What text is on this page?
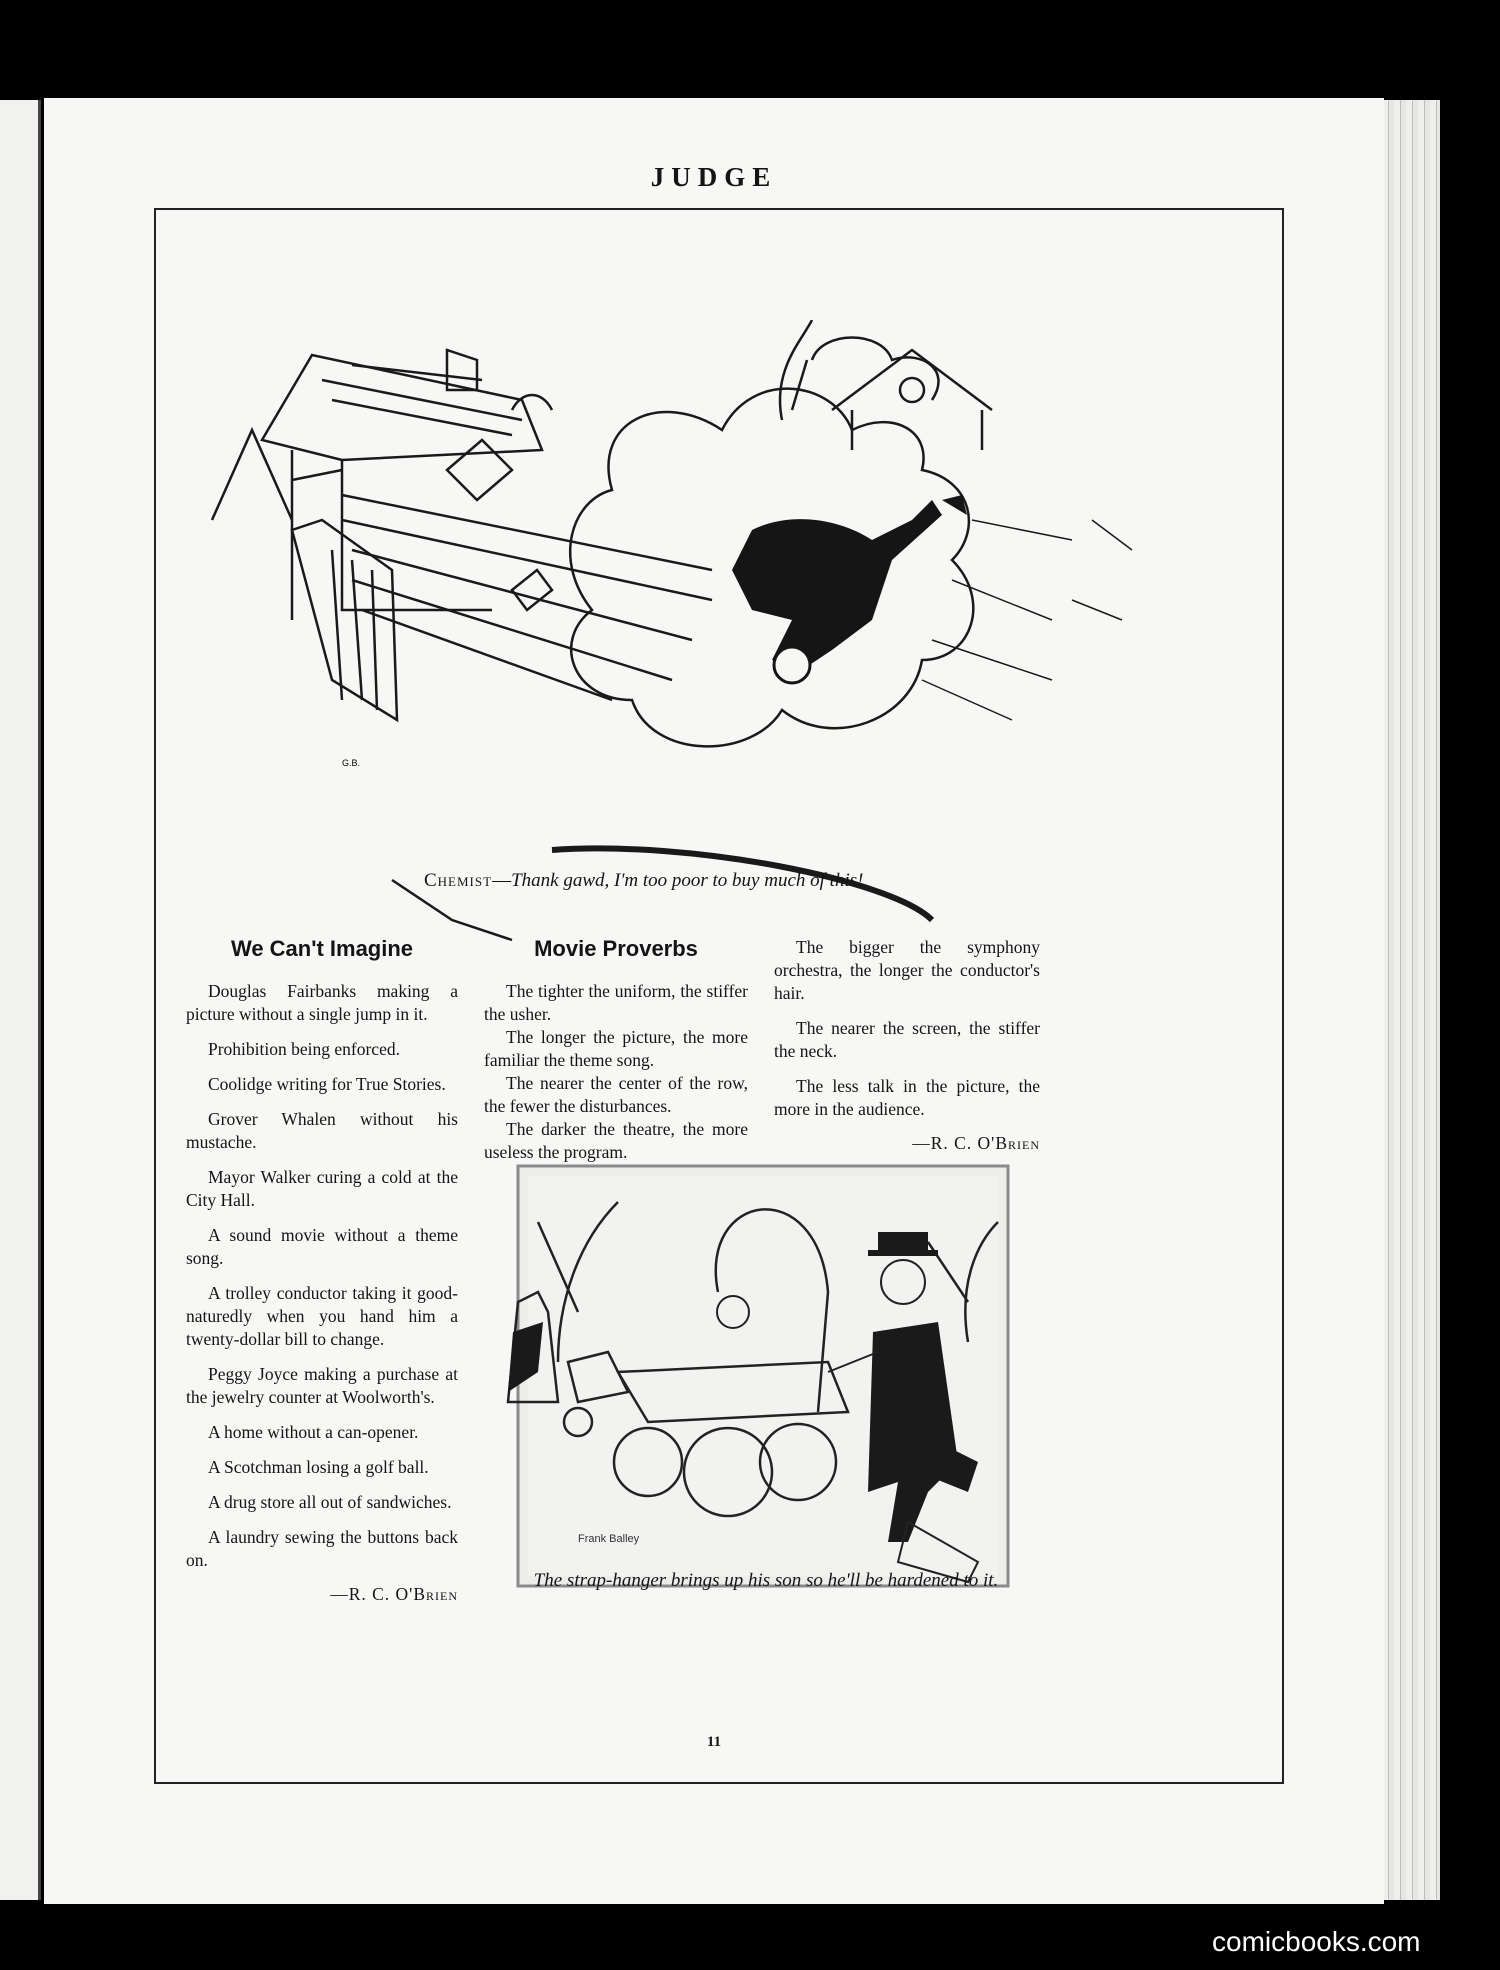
JUDGE
G.B.
Chemist—Thank gawd, I'm too poor to buy much of this!
We Can't Imagine

Douglas Fairbanks making a picture without a single jump in it.

Prohibition being enforced.

Coolidge writing for True Stories.

Grover Whalen without his mustache.

Mayor Walker curing a cold at the City Hall.

A sound movie without a theme song.

A trolley conductor taking it good-naturedly when you hand him a twenty-dollar bill to change.

Peggy Joyce making a purchase at the jewelry counter at Woolworth's.

A home without a can-opener.

A Scotchman losing a golf ball.

A drug store all out of sandwiches.

A laundry sewing the buttons back on.

—R. C. O'Brien
Movie Proverbs

The tighter the uniform, the stiffer the usher.

The longer the picture, the more familiar the theme song.

The nearer the center of the row, the fewer the disturbances.

The darker the theatre, the more useless the program.

The bigger the symphony orchestra, the longer the conductor's hair.

The nearer the screen, the stiffer the neck.

The less talk in the picture, the more in the audience.

—R. C. O'Brien
Frank Balley
The strap-hanger brings up his son so he'll be hardened to it.
11
comicbooks.com
